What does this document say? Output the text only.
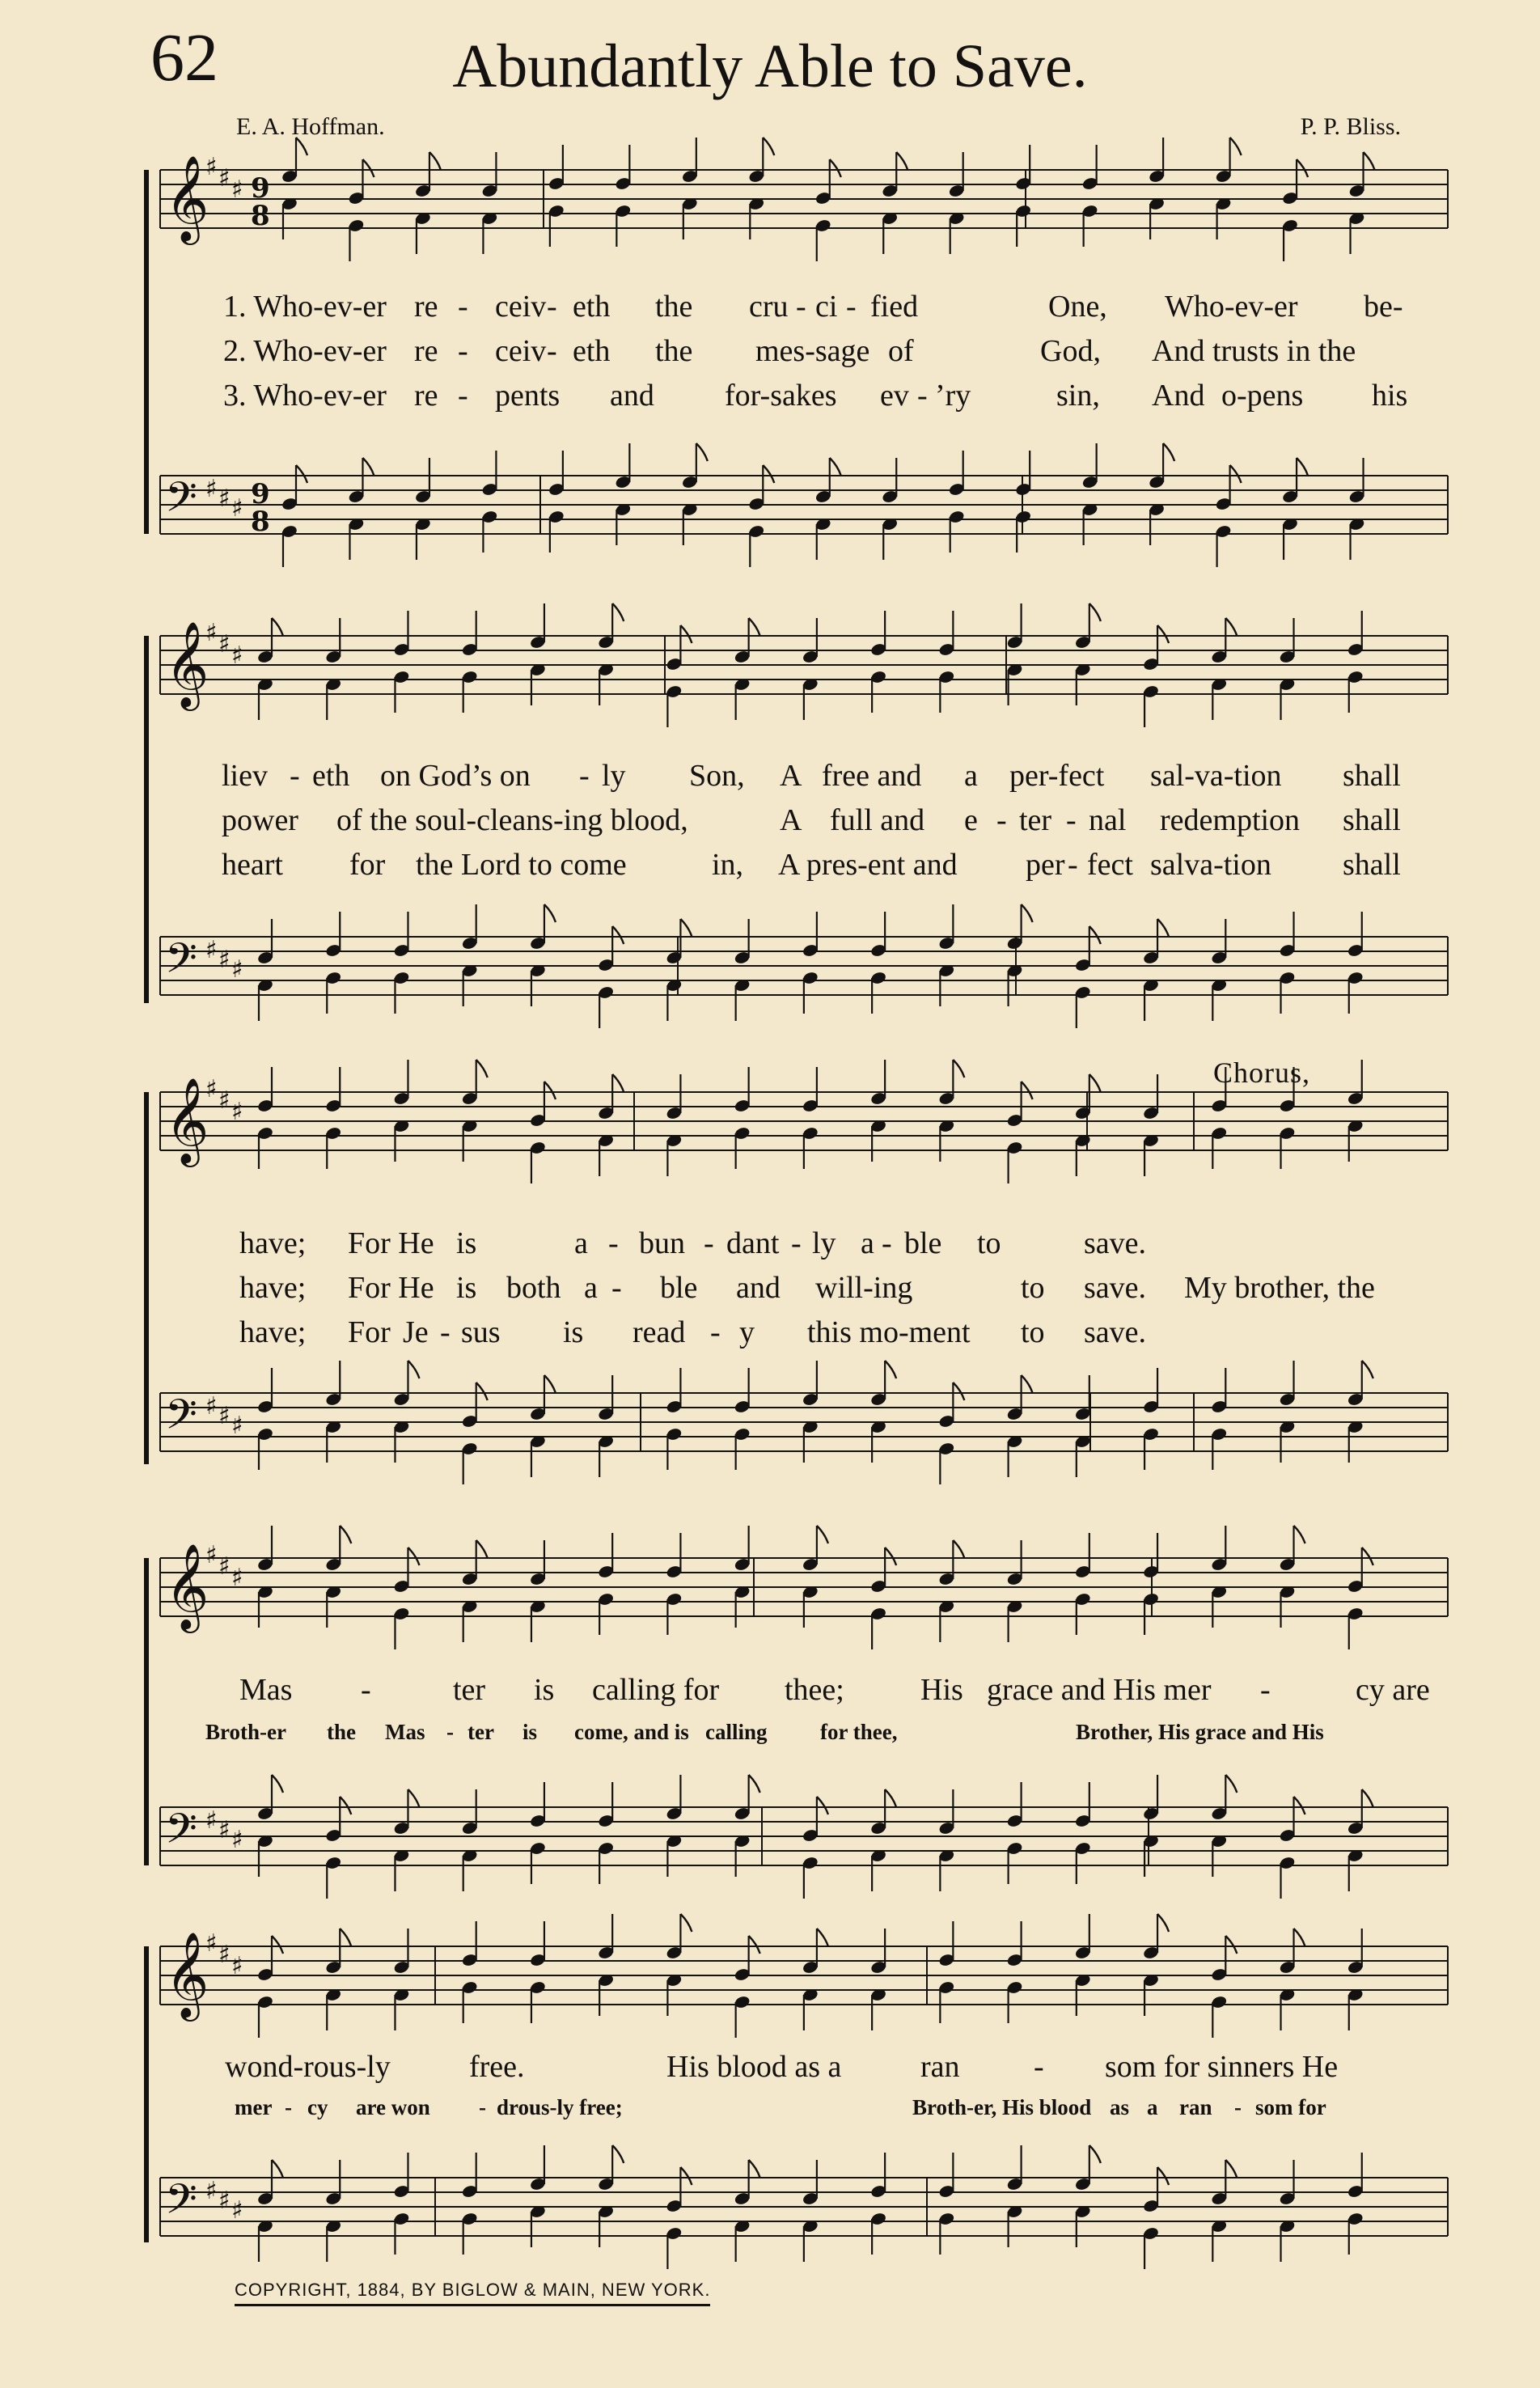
62	Abundantly Able to Save.
E. A. Hoffman.	P. P. Bliss.
𝄞
♯ ♯ ♯ 9
8
𝄢 ♯ ♯ ♯ 9
8
𝄞
♯ ♯ ♯
𝄢 ♯ ♯ ♯
𝄞
♯ ♯ ♯
𝄢 ♯ ♯ ♯
𝄞
♯ ♯ ♯
𝄢 ♯ ♯ ♯
𝄞
♯ ♯ ♯
𝄢 ♯ ♯ ♯
1. Who-ev-er re - ceiv - eth the cru - ci - fied	One, Who-ev-er be-
2. Who-ev-er re - ceiv - eth the mes-sage of	God, And trusts in the
3. Who-ev-er re - pents and for-sakes ev - ’ry	sin, And o-pens his
liev - eth on God’s on - ly Son, A free and a per-fect sal-va-tion shall
power of the soul-cleans-ing blood,	A full and e - ter - nal redemption shall
heart for the Lord to come	in, A pres-ent and per - fect salva-tion shall
Chorus,
have; For He is	a - bun - dant - ly a - ble to	save.
have; For He is both a - ble and will-ing	to save. My brother, the
have; For Je - sus is read - y this mo-ment to save.
Mas -	ter is calling for thee; His grace and His mer -	cy are
Broth-er the Mas - ter is come, and is calling for thee,	Brother, His grace and His
wond-rous-ly	free.	His blood as a	ran - som for sinners He
mer - cy are won - drous-ly free;	Broth-er, His blood as a ran - som for
COPYRIGHT, 1884, BY BIGLOW & MAIN, NEW YORK.
